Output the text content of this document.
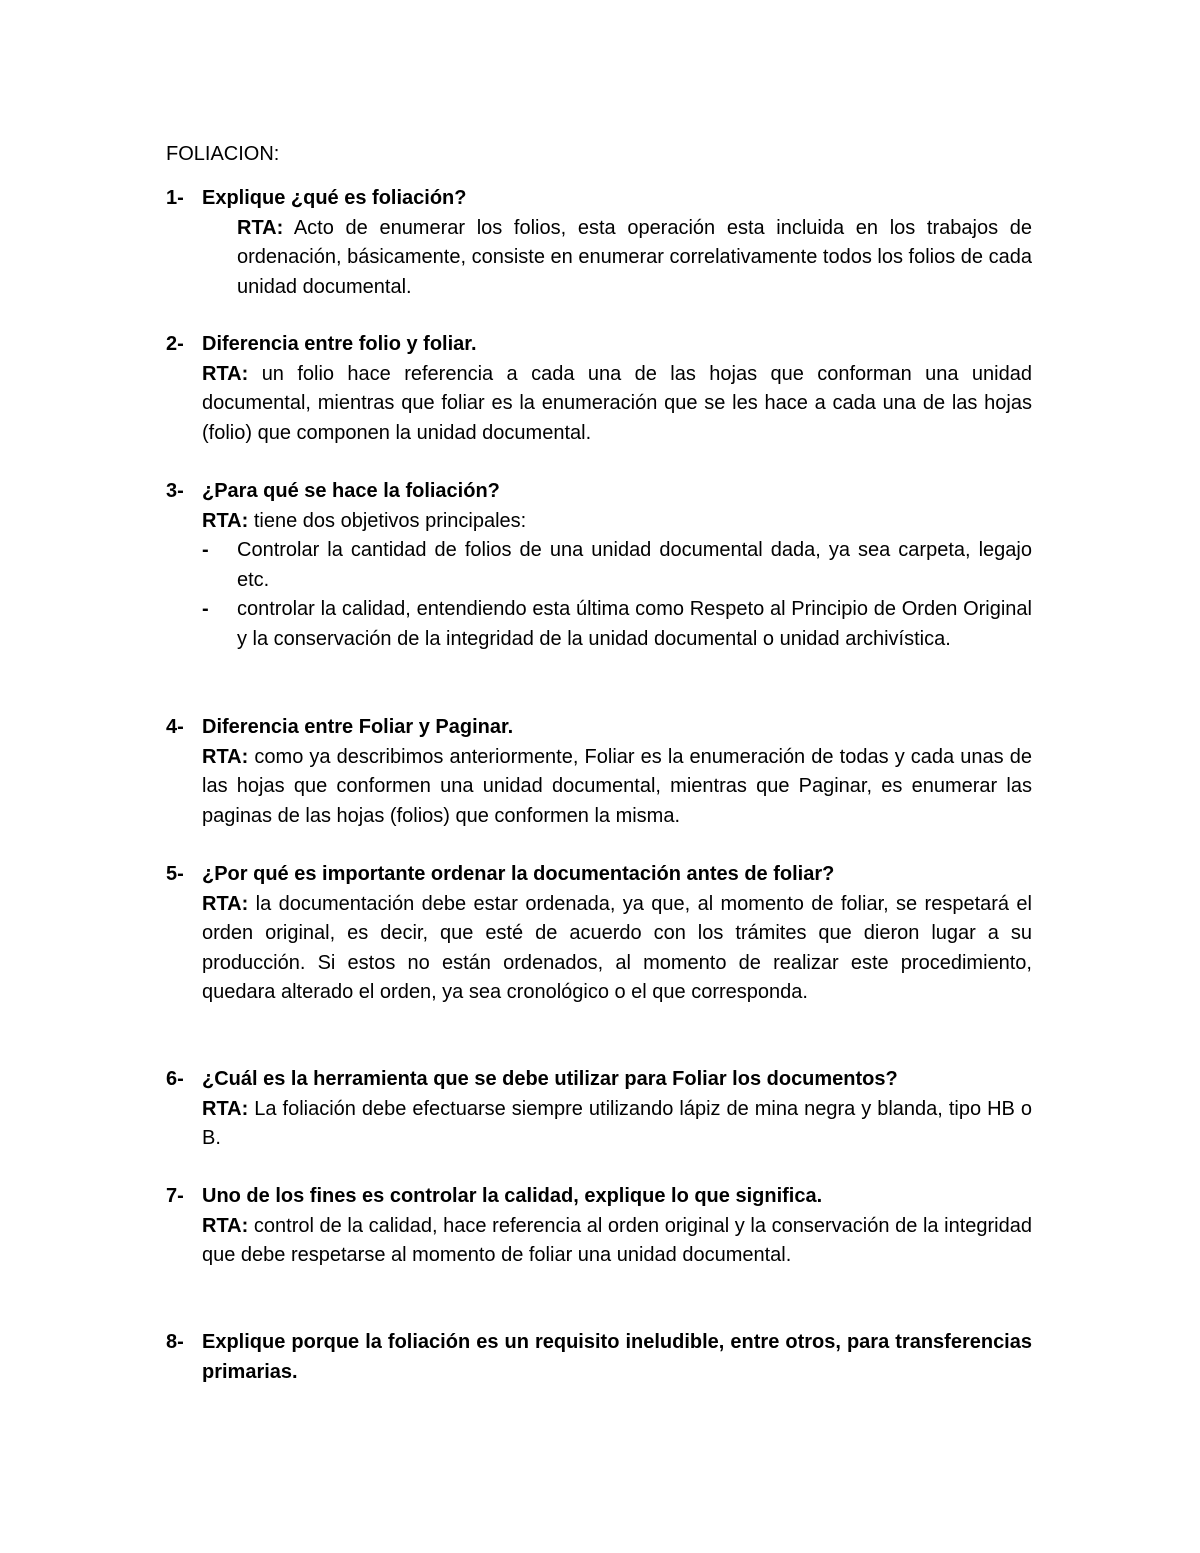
FOLIACION:
1- Explique ¿qué es foliación?
RTA: Acto de enumerar los folios, esta operación esta incluida en los trabajos de ordenación, básicamente, consiste en enumerar correlativamente todos los folios de cada unidad documental.
2- Diferencia entre folio y foliar.
RTA: un folio hace referencia a cada una de las hojas que conforman una unidad documental, mientras que foliar es la enumeración que se les hace a cada una de las hojas (folio) que componen la unidad documental.
3- ¿Para qué se hace la foliación?
RTA: tiene dos objetivos principales:
- Controlar la cantidad de folios de una unidad documental dada, ya sea carpeta, legajo etc.
- controlar la calidad, entendiendo esta última como Respeto al Principio de Orden Original y la conservación de la integridad de la unidad documental o unidad archivística.
4- Diferencia entre Foliar y Paginar.
RTA: como ya describimos anteriormente, Foliar es la enumeración de todas y cada unas de las hojas que conformen una unidad documental, mientras que Paginar, es enumerar las paginas de las hojas (folios) que conformen la misma.
5- ¿Por qué es importante ordenar la documentación antes de foliar?
RTA: la documentación debe estar ordenada, ya que, al momento de foliar, se respetará el orden original, es decir, que esté de acuerdo con los trámites que dieron lugar a su producción. Si estos no están ordenados, al momento de realizar este procedimiento, quedara alterado el orden, ya sea cronológico o el que corresponda.
6- ¿Cuál es la herramienta que se debe utilizar para Foliar los documentos?
RTA: La foliación debe efectuarse siempre utilizando lápiz de mina negra y blanda, tipo HB o B.
7- Uno de los fines es controlar la calidad, explique lo que significa.
RTA: control de la calidad, hace referencia al orden original y la conservación de la integridad que debe respetarse al momento de foliar una unidad documental.
8- Explique porque la foliación es un requisito ineludible, entre otros, para transferencias primarias.
